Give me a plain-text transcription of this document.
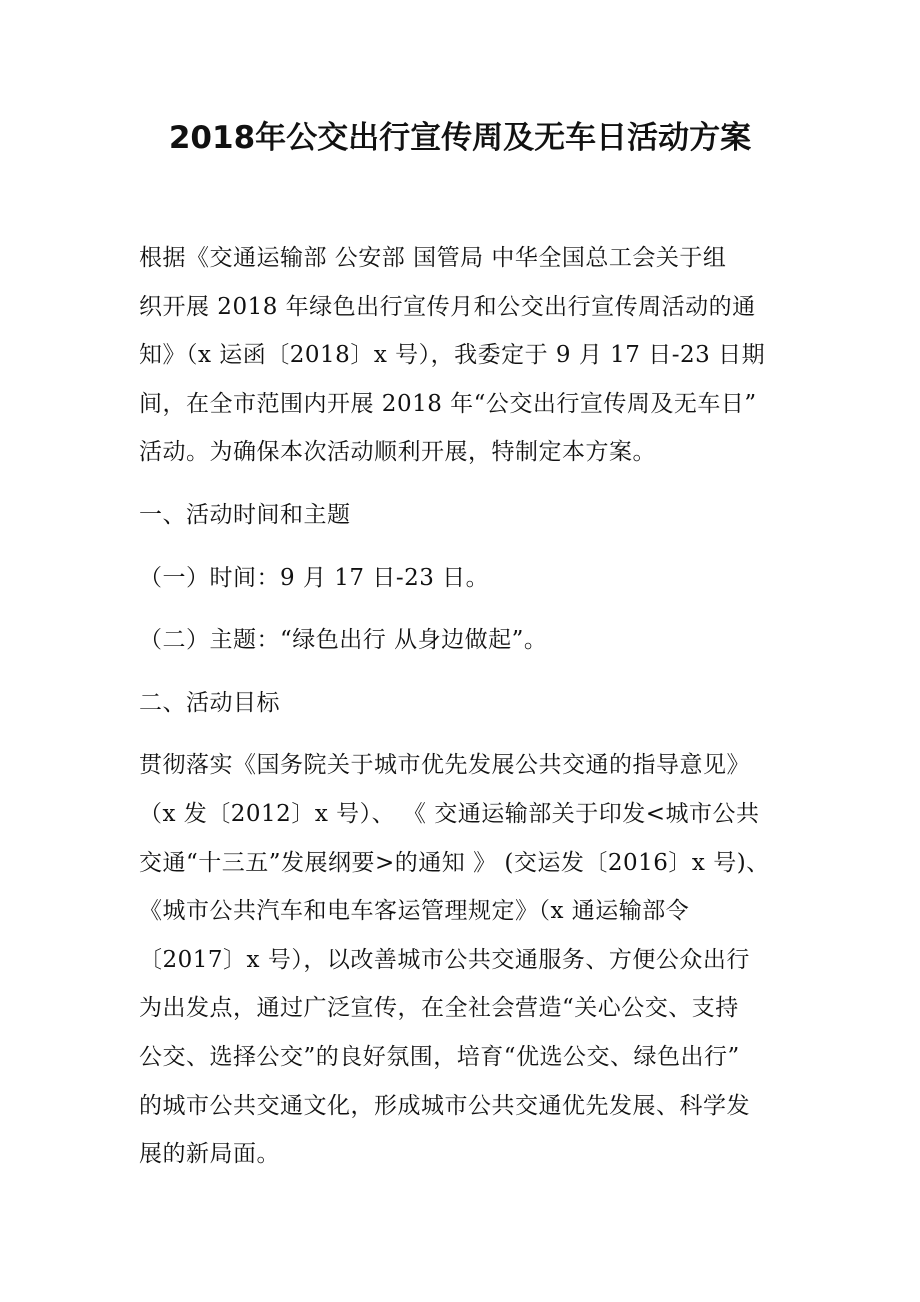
2018年公交出行宣传周及无车日活动方案

根据《交通运输部 公安部 国管局 中华全国总工会关于组

织开展 2018 年绿色出行宣传月和公交出行宣传周活动的通

知》（x 运函〔2018〕x 号），我委定于 9 月 17 日-23 日期

间，在全市范围内开展 2018 年“公交出行宣传周及无车日”

活动。为确保本次活动顺利开展，特制定本方案。

一、活动时间和主题

（一）时间：9 月 17 日-23 日。

（二）主题：“绿色出行 从身边做起”。

二、活动目标

贯彻落实《国务院关于城市优先发展公共交通的指导意见》

（x 发〔2012〕x 号）、 《 交通运输部关于印发<城市公共

交通“十三五”发展纲要>的通知 》 (交运发〔2016〕x 号)、

《城市公共汽车和电车客运管理规定》（x 通运输部令

〔2017〕x 号），以改善城市公共交通服务、方便公众出行

为出发点，通过广泛宣传，在全社会营造“关心公交、支持

公交、选择公交”的良好氛围，培育“优选公交、绿色出行”

的城市公共交通文化，形成城市公共交通优先发展、科学发

展的新局面。
